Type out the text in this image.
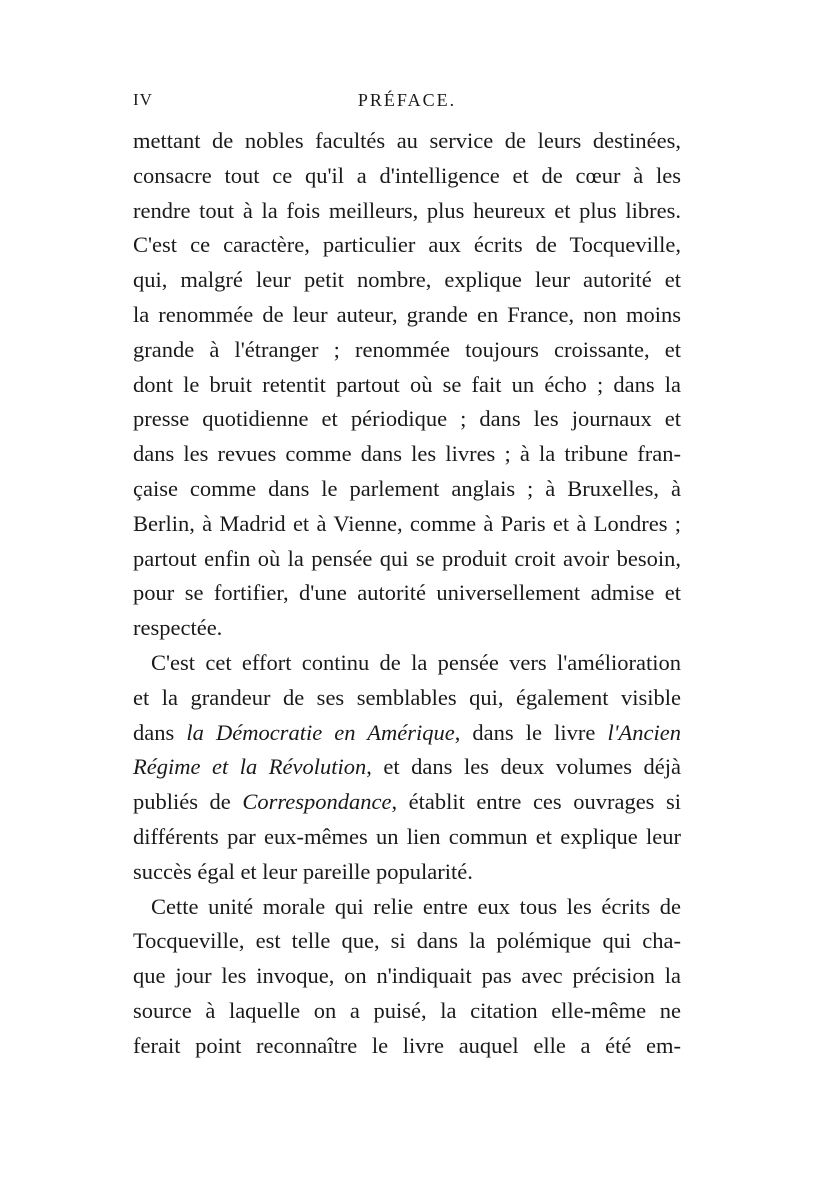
IV	PRÉFACE.
mettant de nobles facultés au service de leurs destinées,
consacre tout ce qu'il a d'intelligence et de cœur à les
rendre tout à la fois meilleurs, plus heureux et plus libres.
C'est ce caractère, particulier aux écrits de Tocqueville,
qui, malgré leur petit nombre, explique leur autorité et
la renommée de leur auteur, grande en France, non moins
grande à l'étranger ; renommée toujours croissante, et
dont le bruit retentit partout où se fait un écho ; dans la
presse quotidienne et périodique ; dans les journaux et
dans les revues comme dans les livres ; à la tribune fran-
çaise comme dans le parlement anglais ; à Bruxelles, à
Berlin, à Madrid et à Vienne, comme à Paris et à Londres ;
partout enfin où la pensée qui se produit croit avoir besoin,
pour se fortifier, d'une autorité universellement admise et
respectée.
C'est cet effort continu de la pensée vers l'amélioration
et la grandeur de ses semblables qui, également visible
dans la Démocratie en Amérique, dans le livre l'Ancien
Régime et la Révolution, et dans les deux volumes déjà
publiés de Correspondance, établit entre ces ouvrages si
différents par eux-mêmes un lien commun et explique leur
succès égal et leur pareille popularité.
Cette unité morale qui relie entre eux tous les écrits de
Tocqueville, est telle que, si dans la polémique qui cha-
que jour les invoque, on n'indiquait pas avec précision la
source à laquelle on a puisé, la citation elle-même ne
ferait point reconnaître le livre auquel elle a été em-
